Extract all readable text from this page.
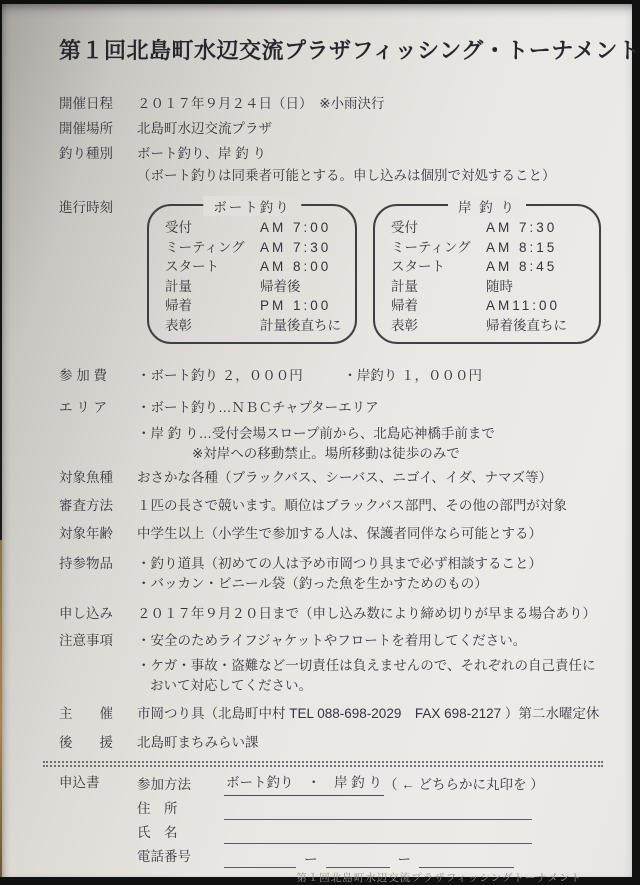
第１回北島町水辺交流プラザフィッシング・トーナメント
開催日程	２０１７年９月２４日（日）　※小雨決行
開催場所	北島町水辺交流プラザ
釣り種別	ボート釣り、岸 釣 り
（ボート釣りは同乗者可能とする。申し込みは個別で対処すること）
進行時刻	ボート釣り
受付	AM 7:00
ミーティング	AM 7:30
スタート	AM 8:00
計量	帰着後
帰着	PM 1:00
表彰	計量後直ちに
岸 釣 り
受付	AM 7:30
ミーティング	AM 8:15
スタート	AM 8:45
計量	随時
帰着	AM11:00
表彰	帰着後直ちに
参 加 費	・ボート釣り ２，０００円　　　・岸釣り １，０００円
エ リ ア	・ボート釣り…ＮＢＣチャプターエリア
・岸 釣 り…受付会場スロープ前から、北島応神橋手前まで
※対岸への移動禁止。場所移動は徒歩のみで
対象魚種	おさかな各種（ブラックバス、シーバス、ニゴイ、イダ、ナマズ等）
審査方法	１匹の長さで競います。順位はブラックバス部門、その他の部門が対象
対象年齢	中学生以上（小学生で参加する人は、保護者同伴なら可能とする）
持参物品	・釣り道具（初めての人は予め市岡つり具まで必ず相談すること）
・バッカン・ビニール袋（釣った魚を生かすためのもの）
申し込み	２０１７年９月２０日まで（申し込み数により締め切りが早まる場合あり）
注意事項	・安全のためライフジャケットやフロートを着用してください。
・ケガ・事故・盗難など一切責任は負えませんので、それぞれの自己責任に
おいて対応してください。
主　　催	市岡つり具（北島町中村 TEL 088-698-2029　FAX 698-2127 ）第二水曜定休
後　　援	北島町まちみらい課
申込書	参加方法	ボート釣り　・　岸 釣 り （ ← どちらかに丸印を ）
住　所
氏　名
電話番号	ー	ー
第１回北島町水辺交流プラザフィッシングトーナメント
